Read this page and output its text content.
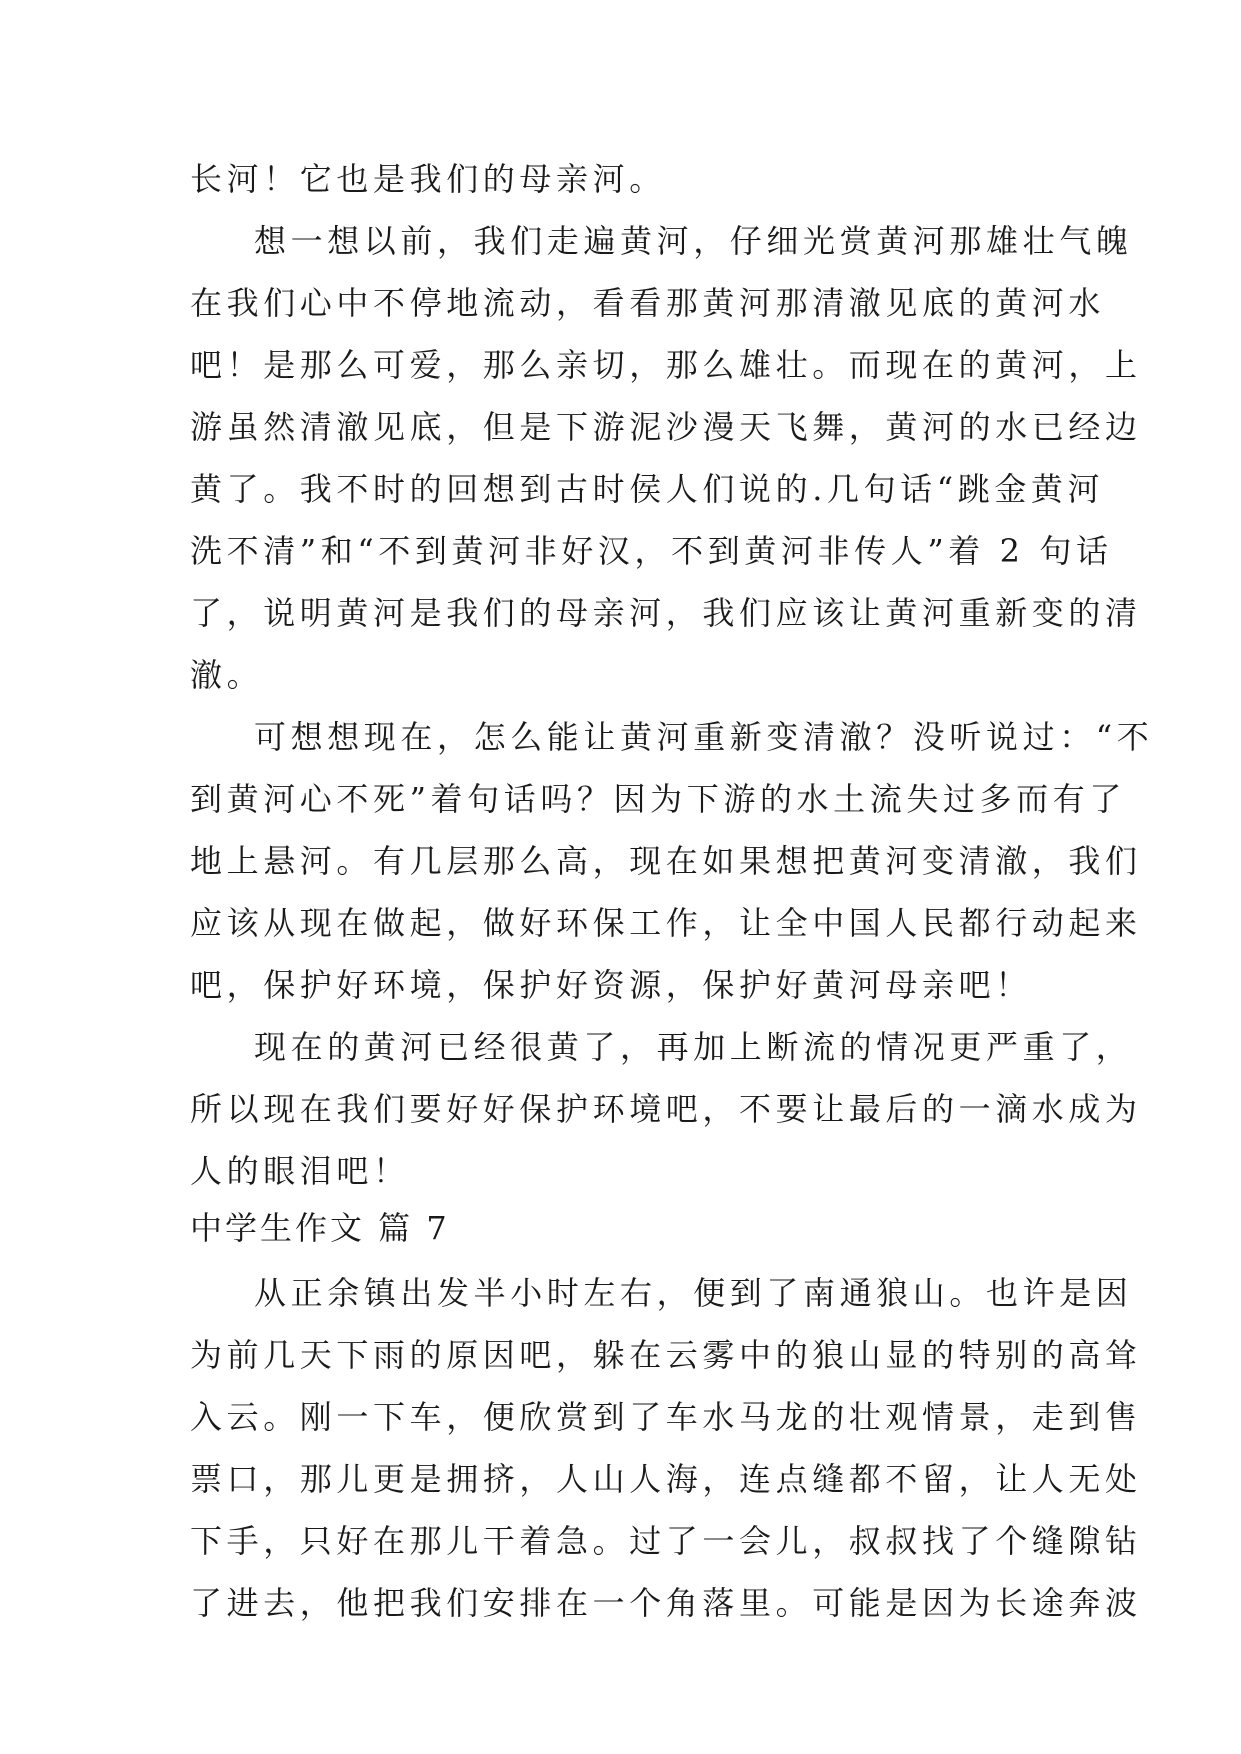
长河！它也是我们的母亲河。
想一想以前，我们走遍黄河，仔细光赏黄河那雄壮气魄
在我们心中不停地流动，看看那黄河那清澈见底的黄河水
吧！是那么可爱，那么亲切，那么雄壮。而现在的黄河，上
游虽然清澈见底，但是下游泥沙漫天飞舞，黄河的水已经边
黄了。我不时的回想到古时侯人们说的.几句话“跳金黄河
洗不清”和“不到黄河非好汉，不到黄河非传人”着 2 句话
了，说明黄河是我们的母亲河，我们应该让黄河重新变的清
澈。
可想想现在，怎么能让黄河重新变清澈？没听说过：“不
到黄河心不死”着句话吗？因为下游的水土流失过多而有了
地上悬河。有几层那么高，现在如果想把黄河变清澈，我们
应该从现在做起，做好环保工作，让全中国人民都行动起来
吧，保护好环境，保护好资源，保护好黄河母亲吧！
现在的黄河已经很黄了，再加上断流的情况更严重了，
所以现在我们要好好保护环境吧，不要让最后的一滴水成为
人的眼泪吧！
中学生作文 篇 7
从正余镇出发半小时左右，便到了南通狼山。也许是因
为前几天下雨的原因吧，躲在云雾中的狼山显的特别的高耸
入云。刚一下车，便欣赏到了车水马龙的壮观情景，走到售
票口，那儿更是拥挤，人山人海，连点缝都不留，让人无处
下手，只好在那儿干着急。过了一会儿，叔叔找了个缝隙钻
了进去，他把我们安排在一个角落里。可能是因为长途奔波
